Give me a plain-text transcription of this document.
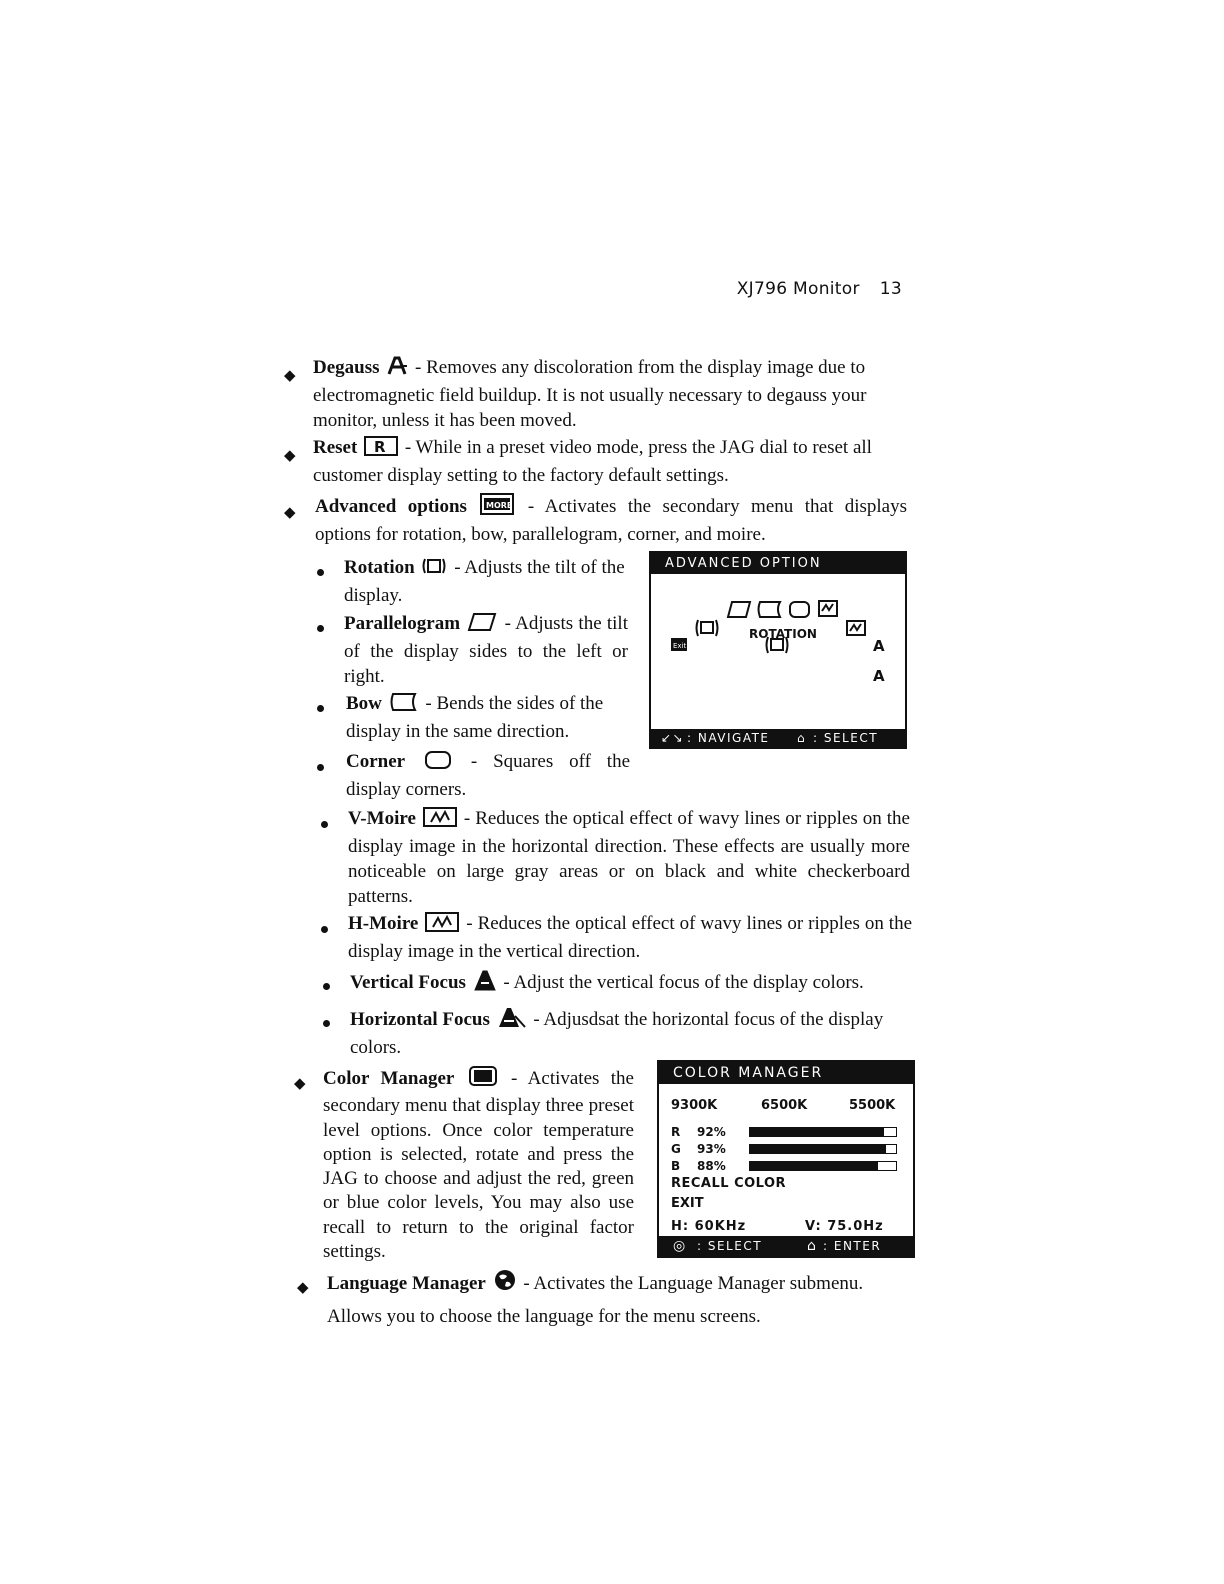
XJ796 Monitor 13
◆ Degauss - Removes any discoloration from the display image due to electromagnetic field buildup. It is not usually necessary to degauss your monitor, unless it has been moved.
◆ Reset R - While in a preset video mode, press the JAG dial to reset all customer display setting to the factory default settings.
◆ Advanced options MORE - Activates the secondary menu that displays options for rotation, bow, parallelogram, corner, and moire.
Rotation - Adjusts the tilt of the display.
Parallelogram - Adjusts the tilt of the display sides to the left or right.
Bow - Bends the sides of the display in the same direction.
Corner	- Squares off the display corners.
ADVANCED OPTION
Exit	A
A
ROTATION
↙↘ : NAVIGATE ⌂ : SELECT
V-Moire	- Reduces the optical effect of wavy lines or ripples on the display image in the horizontal direction. These effects are usually more noticeable on large gray areas or on black and white checkerboard patterns.
H-Moire	- Reduces the optical effect of wavy lines or ripples on the display image in the vertical direction.
Vertical Focus - Adjust the vertical focus of the display colors.
Horizontal Focus - Adjusdsat the horizontal focus of the display colors.
◆ Color Manager	- Activates the secondary menu that display three preset level options. Once color temperature option is selected, rotate and press the JAG to choose and adjust the red, green or blue color levels, You may also use recall to return to the original factor settings.
COLOR MANAGER
9300K	6500K	5500K
R 92%
G 93%
B 88%
RECALL COLOR
EXIT
H: 60KHz	V: 75.0Hz
◎ : SELECT	⌂ : ENTER
◆ Language Manager - Activates the Language Manager submenu. Allows you to choose the language for the menu screens.
